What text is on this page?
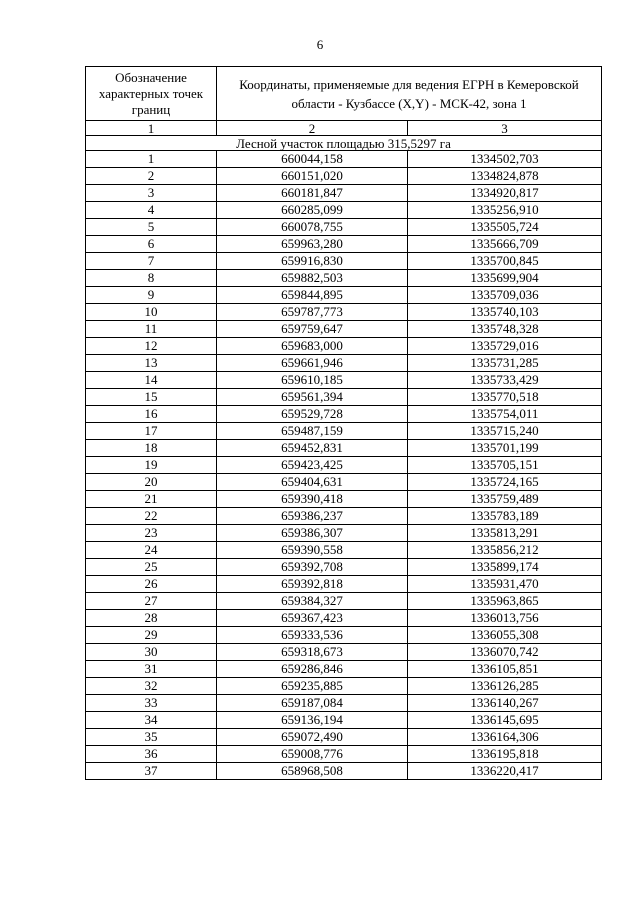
6
Обозначение характерных точек границ	Координаты, применяемые для ведения ЕГРН в Кемеровской области - Кузбассе (X,Y) - МСК-42, зона 1	
1	2	3
Лесной участок площадью 315,5297 га		
1	660044,158	1334502,703
2	660151,020	1334824,878
3	660181,847	1334920,817
4	660285,099	1335256,910
5	660078,755	1335505,724
6	659963,280	1335666,709
7	659916,830	1335700,845
8	659882,503	1335699,904
9	659844,895	1335709,036
10	659787,773	1335740,103
11	659759,647	1335748,328
12	659683,000	1335729,016
13	659661,946	1335731,285
14	659610,185	1335733,429
15	659561,394	1335770,518
16	659529,728	1335754,011
17	659487,159	1335715,240
18	659452,831	1335701,199
19	659423,425	1335705,151
20	659404,631	1335724,165
21	659390,418	1335759,489
22	659386,237	1335783,189
23	659386,307	1335813,291
24	659390,558	1335856,212
25	659392,708	1335899,174
26	659392,818	1335931,470
27	659384,327	1335963,865
28	659367,423	1336013,756
29	659333,536	1336055,308
30	659318,673	1336070,742
31	659286,846	1336105,851
32	659235,885	1336126,285
33	659187,084	1336140,267
34	659136,194	1336145,695
35	659072,490	1336164,306
36	659008,776	1336195,818
37	658968,508	1336220,417
